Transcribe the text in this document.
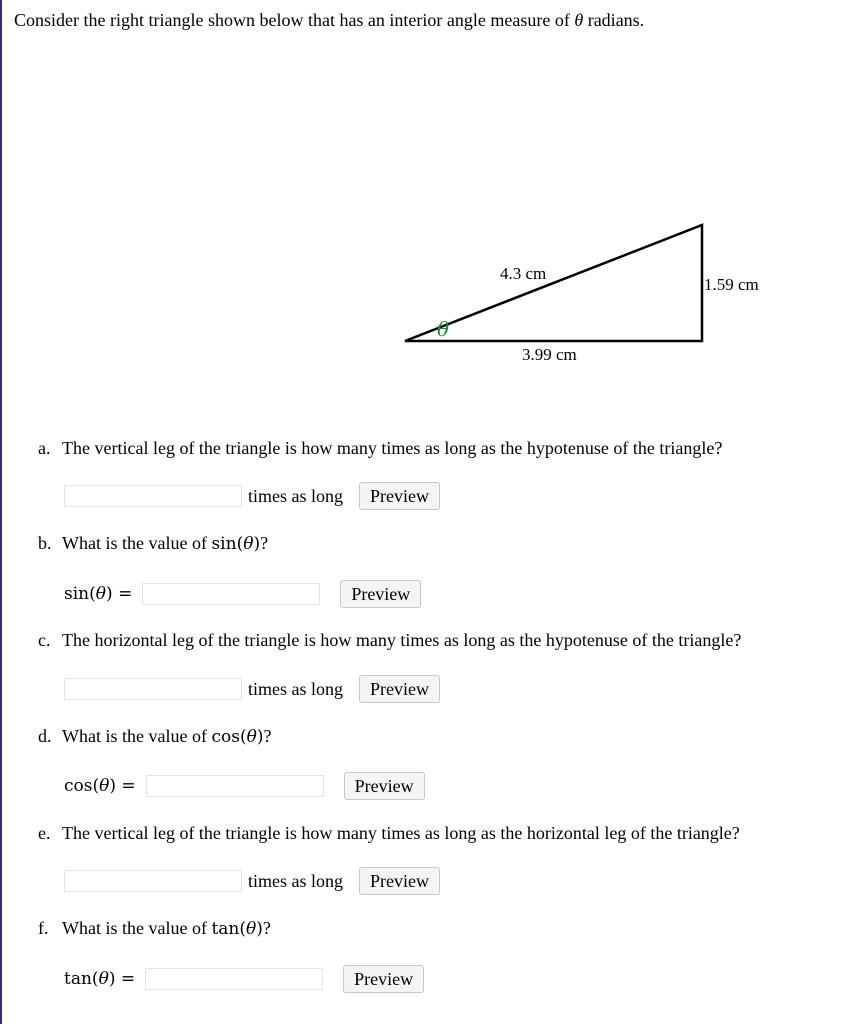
Consider the right triangle shown below that has an interior angle measure of θ radians.
4.3 cm
1.59 cm
3.99 cm
θ
a. The vertical leg of the triangle is how many times as long as the hypotenuse of the triangle?
times as long	Preview
b. What is the value of sin(θ)?
sin(θ) =	Preview
c. The horizontal leg of the triangle is how many times as long as the hypotenuse of the triangle?
times as long	Preview
d. What is the value of cos(θ)?
cos(θ) =	Preview
e. The vertical leg of the triangle is how many times as long as the horizontal leg of the triangle?
times as long	Preview
f. What is the value of tan(θ)?
tan(θ) =	Preview
